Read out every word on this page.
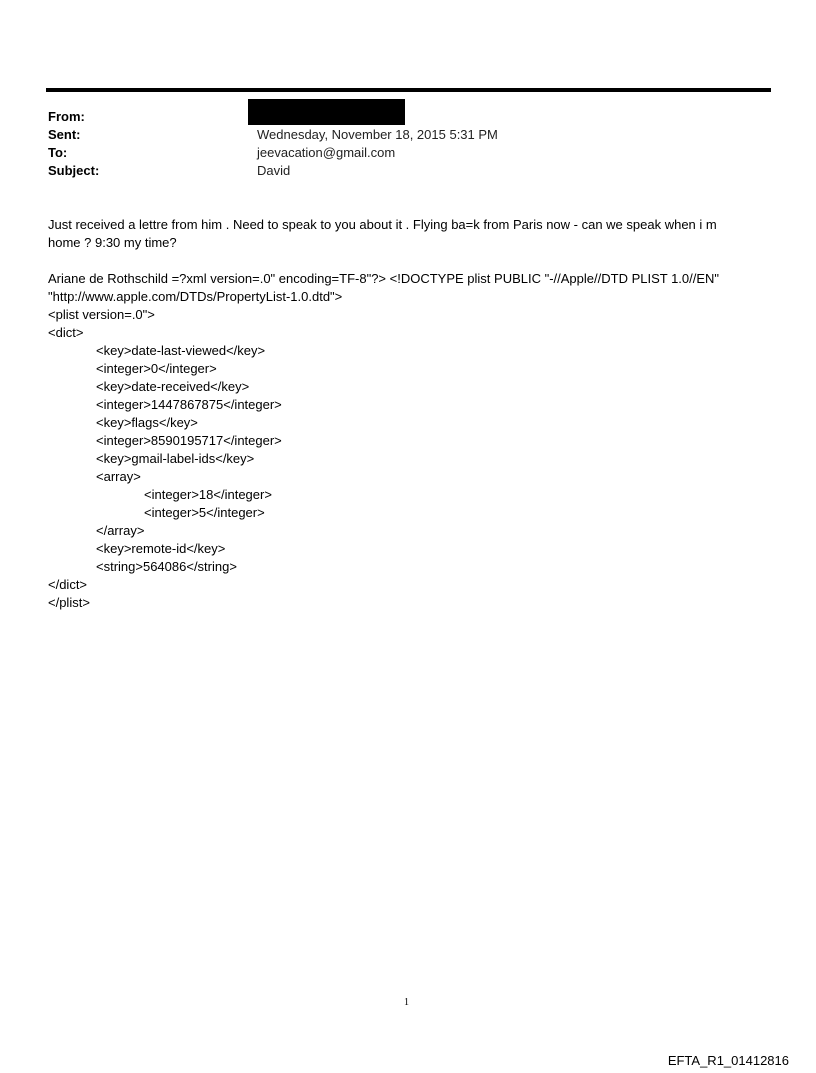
From:
Sent:	Wednesday, November 18, 2015 5:31 PM
To:	jeevacation@gmail.com
Subject:	David
Just received a lettre from him . Need to speak to you about it . Flying ba=k from Paris now - can we speak when i m
home ? 9:30 my time?
Ariane de Rothschild =?xml version=.0" encoding=TF-8"?> <!DOCTYPE plist PUBLIC "-//Apple//DTD PLIST 1.0//EN"
"http://www.apple.com/DTDs/PropertyList-1.0.dtd">
<plist version=.0">
<dict>
<key>date-last-viewed</key>
<integer>0</integer>
<key>date-received</key>
<integer>1447867875</integer>
<key>flags</key>
<integer>8590195717</integer>
<key>gmail-label-ids</key>
<array>
<integer>18</integer>
<integer>5</integer>
</array>
<key>remote-id</key>
<string>564086</string>
</dict>
</plist>
1
EFTA_R1_01412816
